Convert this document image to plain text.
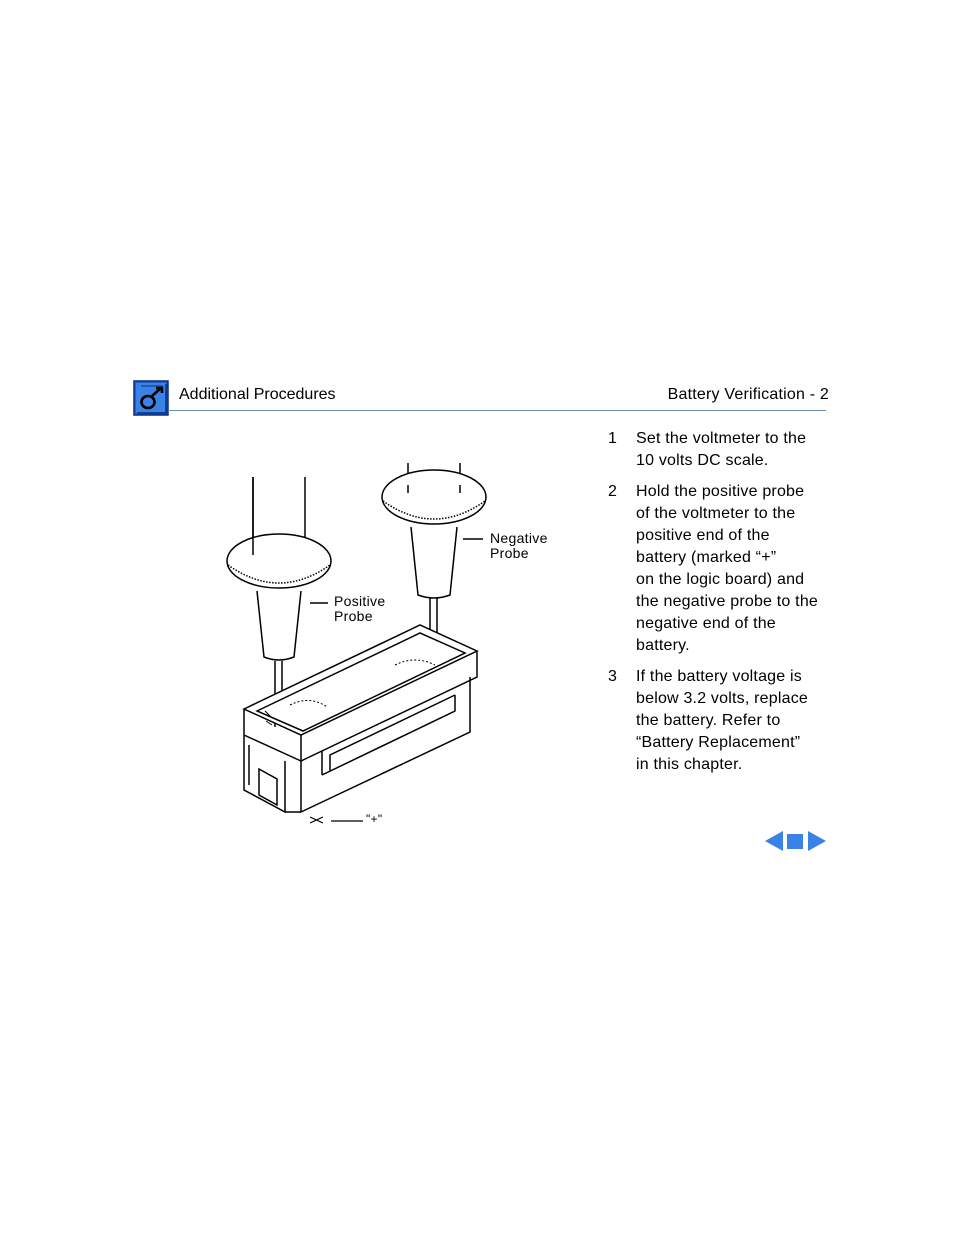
Additional Procedures	Battery Verification - 2
Negative
Probe
Positive
Probe
"+"
1 Set the voltmeter to the
10 volts DC scale.
2 Hold the positive probe
of the voltmeter to the
positive end of the
battery (marked “+”
on the logic board) and
the negative probe to the
negative end of the
battery.
3 If the battery voltage is
below 3.2 volts, replace
the battery. Refer to
“Battery Replacement”
in this chapter.
